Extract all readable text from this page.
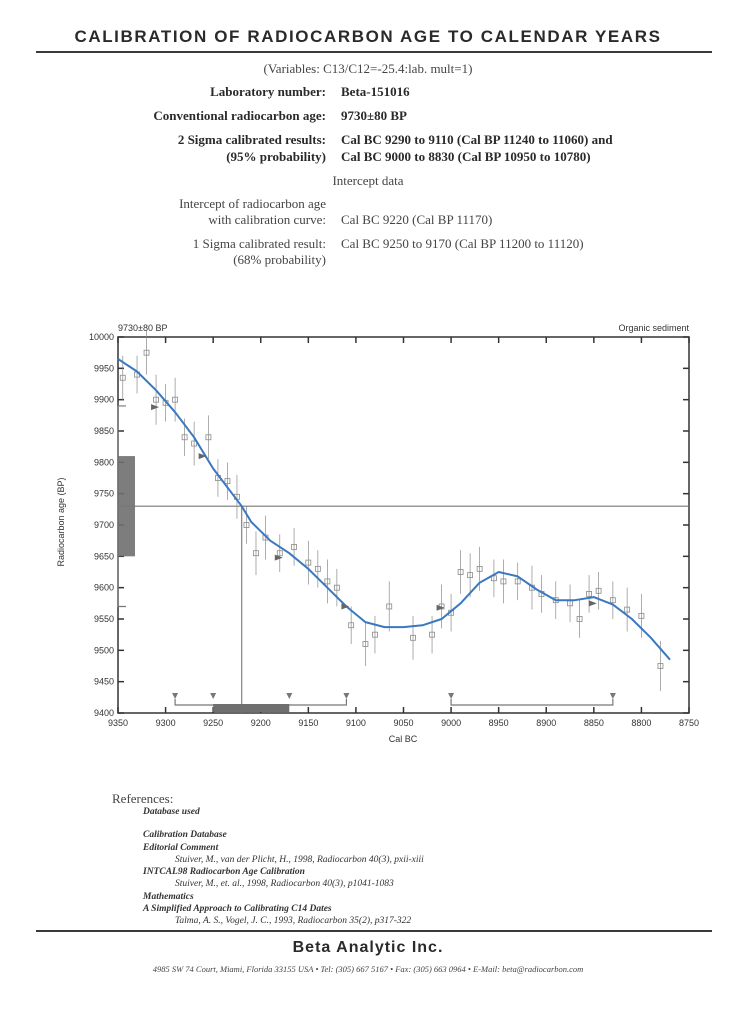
CALIBRATION OF RADIOCARBON AGE TO CALENDAR YEARS
(Variables: C13/C12=-25.4:lab. mult=1)
Laboratory number: Beta-151016
Conventional radiocarbon age: 9730±80 BP
2 Sigma calibrated results: Cal BC 9290 to 9110 (Cal BP 11240 to 11060) and
(95% probability) Cal BC 9000 to 8830 (Cal BP 10950 to 10780)
Intercept data
Intercept of radiocarbon age
with calibration curve: Cal BC 9220 (Cal BP 11170)
1 Sigma calibrated result: Cal BC 9250 to 9170 (Cal BP 11200 to 11120)
(68% probability)
9730±80 BP	Organic sediment
Cal BC
Radiocarbon age (BP)
9350	9300	9250	9200	9150	9100	9050	9000	8950	8900	8850	8800	8750
9400
9450
9500
9550
9600
9650
9700
9750
9800
9850
9900
9950
10000
References:
Database used
Calibration Database
Editorial Comment
Stuiver, M., van der Plicht, H., 1998, Radiocarbon 40(3), pxii-xiii
INTCAL98 Radiocarbon Age Calibration
Stuiver, M., et. al., 1998, Radiocarbon 40(3), p1041-1083
Mathematics
A Simplified Approach to Calibrating C14 Dates
Talma, A. S., Vogel, J. C., 1993, Radiocarbon 35(2), p317-322
Beta Analytic Inc.
4985 SW 74 Court, Miami, Florida 33155 USA • Tel: (305) 667 5167 • Fax: (305) 663 0964 • E-Mail: beta@radiocarbon.com
